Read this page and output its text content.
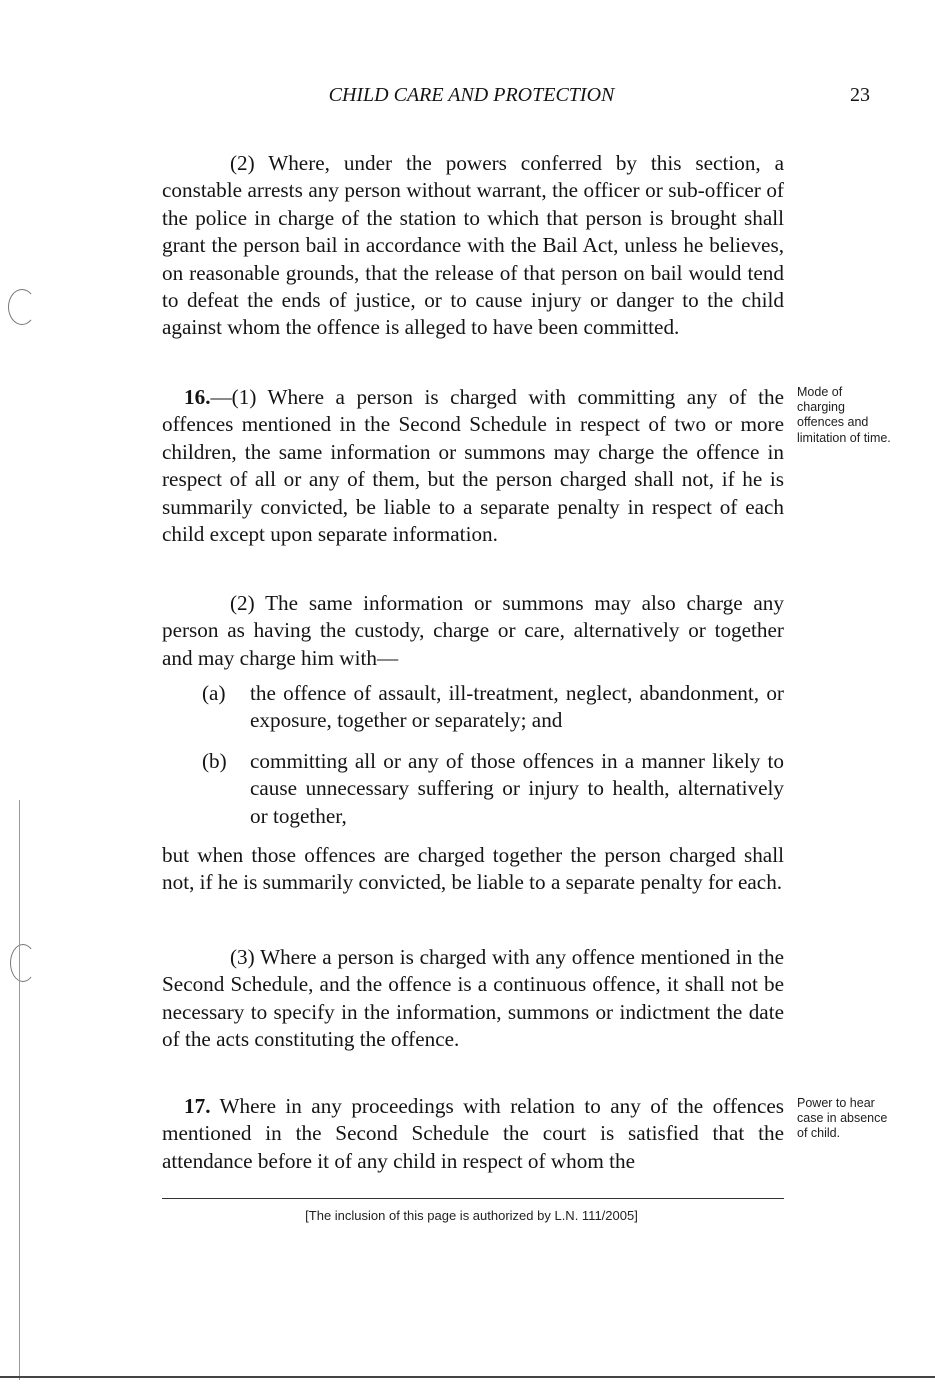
CHILD CARE AND PROTECTION	23

(2) Where, under the powers conferred by this section, a constable arrests any person without warrant, the officer or sub-officer of the police in charge of the station to which that person is brought shall grant the person bail in accordance with the Bail Act, unless he believes, on reasonable grounds, that the release of that person on bail would tend to defeat the ends of justice, or to cause injury or danger to the child against whom the offence is alleged to have been committed.

16.—(1) Where a person is charged with committing any of the offences mentioned in the Second Schedule in respect of two or more children, the same information or summons may charge the offence in respect of all or any of them, but the person charged shall not, if he is summarily convicted, be liable to a separate penalty in respect of each child except upon separate information.

Mode of charging offences and limitation of time.

(2) The same information or summons may also charge any person as having the custody, charge or care, alternatively or together and may charge him with—

(a) the offence of assault, ill-treatment, neglect, abandonment, or exposure, together or separately; and
(b) committing all or any of those offences in a manner likely to cause unnecessary suffering or injury to health, alternatively or together,

but when those offences are charged together the person charged shall not, if he is summarily convicted, be liable to a separate penalty for each.

(3) Where a person is charged with any offence mentioned in the Second Schedule, and the offence is a continuous offence, it shall not be necessary to specify in the information, summons or indictment the date of the acts constituting the offence.

17. Where in any proceedings with relation to any of the offences mentioned in the Second Schedule the court is satisfied that the attendance before it of any child in respect of whom the

Power to hear case in absence of child.
[The inclusion of this page is authorized by L.N. 111/2005]
